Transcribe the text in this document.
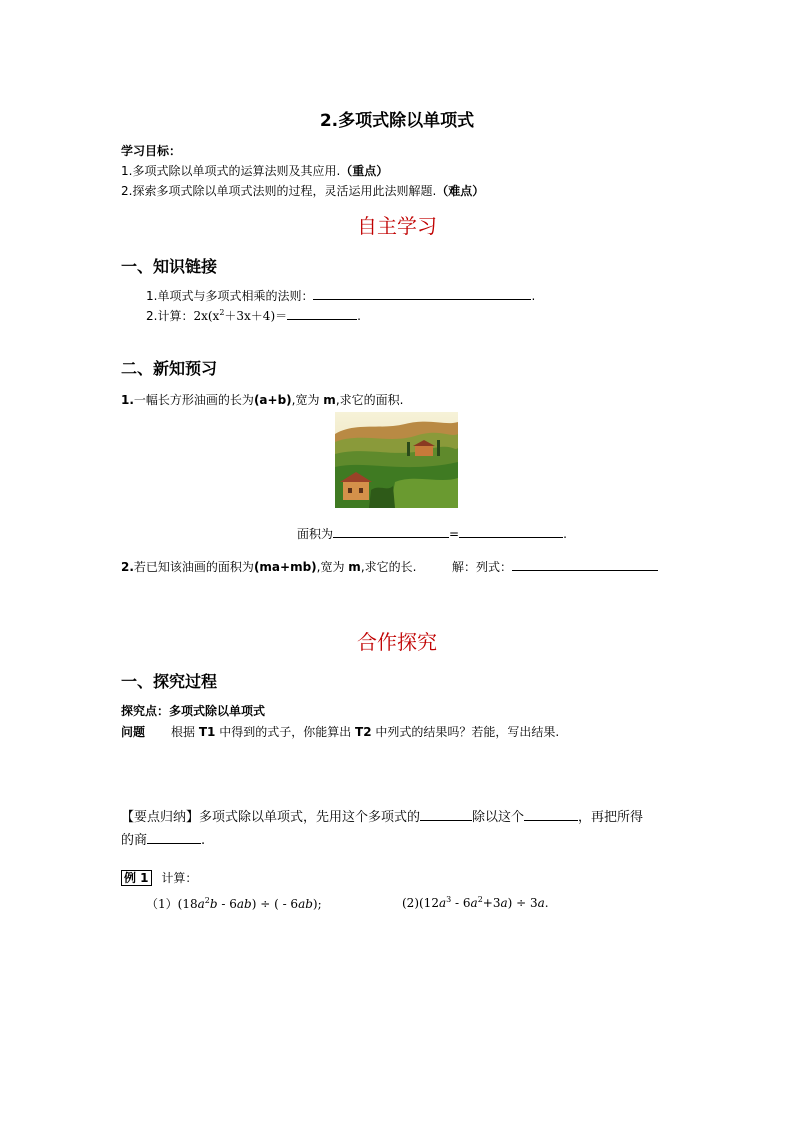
2.多项式除以单项式
学习目标：
1.多项式除以单项式的运算法则及其应用.（重点）
2.探索多项式除以单项式法则的过程，灵活运用此法则解题.（难点）
自主学习
一、知识链接
1.单项式与多项式相乘的法则：	.
2.计算：$2x(x^2+3x+4)=$	.
二、新知预习
1.一幅长方形油画的长为(a+b),宽为 m,求它的面积.
面积为	=	.
2.若已知该油画的面积为(ma+mb),宽为 m,求它的长.	解：列式：
合作探究
一、探究过程
探究点：多项式除以单项式
问题 根据 T1 中得到的式子，你能算出 T2 中列式的结果吗？若能，写出结果.
【要点归纳】多项式除以单项式，先用这个多项式的	除以这个	，再把所得
的商	.
例 1 计算：
$(1)(18a^2b - 6ab)$ ÷ ( - 6ab);	$(2)(12a^3 - 6a^2+3a) \div 3a$.
